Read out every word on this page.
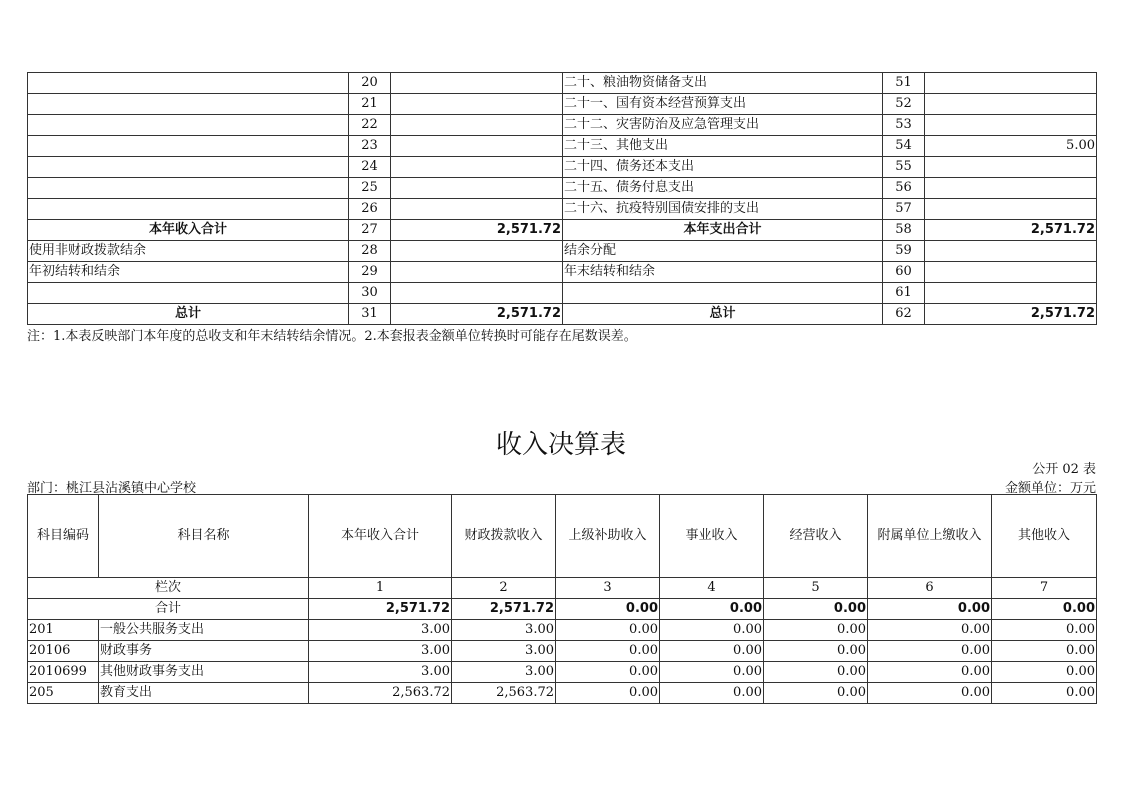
	20		二十、粮油物资储备支出	51	
	21		二十一、国有资本经营预算支出	52	
	22		二十二、灾害防治及应急管理支出	53	
	23		二十三、其他支出	54	5.00
	24		二十四、债务还本支出	55	
	25		二十五、债务付息支出	56	
	26		二十六、抗疫特别国债安排的支出	57	
本年收入合计	27	2,571.72	本年支出合计	58	2,571.72
使用非财政拨款结余	28		结余分配	59	
年初结转和结余	29		年末结转和结余	60	
	30			61	
总计	31	2,571.72	总计	62	2,571.72
注：1.本表反映部门本年度的总收支和年末结转结余情况。2.本套报表金额单位转换时可能存在尾数误差。
收入决算表
公开 02 表
部门：桃江县沾溪镇中心学校	金额单位：万元
科目编码	科目名称	本年收入合计	财政拨款收入	上级补助收入	事业收入	经营收入	附属单位上缴收入	其他收入
栏次		1	2	3	4	5	6	7
合计		2,571.72	2,571.72	0.00	0.00	0.00	0.00	0.00
201	一般公共服务支出	3.00	3.00	0.00	0.00	0.00	0.00	0.00
20106	财政事务	3.00	3.00	0.00	0.00	0.00	0.00	0.00
2010699	其他财政事务支出	3.00	3.00	0.00	0.00	0.00	0.00	0.00
205	教育支出	2,563.72	2,563.72	0.00	0.00	0.00	0.00	0.00
